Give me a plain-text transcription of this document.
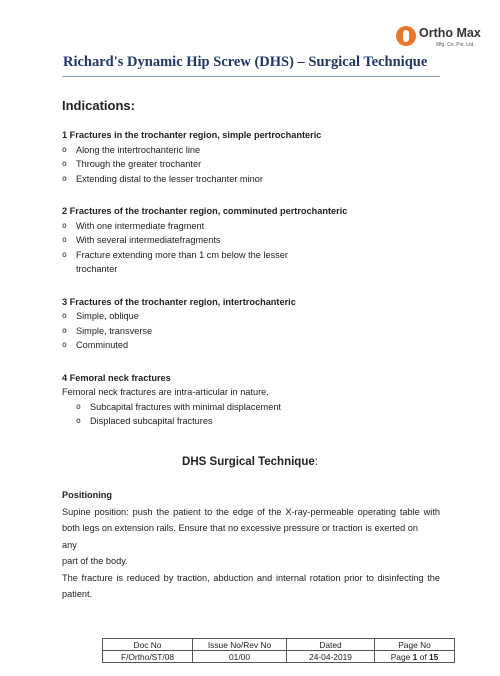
Ortho Max
Mfg. Co. Pvt. Ltd.
Richard's Dynamic Hip Screw (DHS) – Surgical Technique
Indications:
1 Fractures in the trochanter region, simple pertrochanteric
o Along the intertrochanteric line
o Through the greater trochanter
o Extending distal to the lesser trochanter minor
2 Fractures of the trochanter region, comminuted pertrochanteric
o With one intermediate fragment
o With several intermediatefragments
o Fracture extending more than 1 cm below the lesser
trochanter
3 Fractures of the trochanter region, intertrochanteric
o Simple, oblique
o Simple, transverse
o Comminuted
4 Femoral neck fractures
Femoral neck fractures are intra-articular in nature.
o Subcapital fractures with minimal displacement
o Displaced subcapital fractures
DHS Surgical Technique:
Positioning
Supine position: push the patient to the edge of the X-ray-permeable operating table with both legs on extension rails. Ensure that no excessive pressure or traction is exerted on
any
part of the body.
The fracture is reduced by traction, abduction and internal rotation prior to disinfecting the patient.
Doc No	Issue No/Rev No	Dated	Page No
F/Ortho/ST/08	01/00	24-04-2019	Page 1 of 15
